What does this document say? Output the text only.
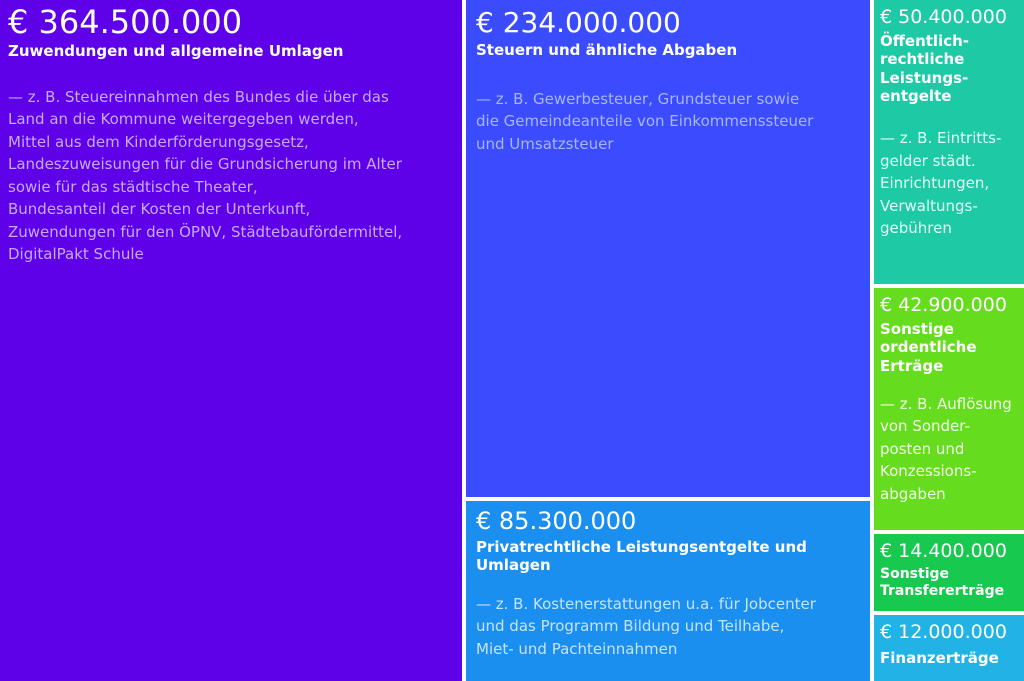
€ 364.500.000
Zuwendungen und allgemeine Umlagen
— z. B. Steuereinnahmen des Bundes die über das
Land an die Kommune weitergegeben werden,
Mittel aus dem Kinderförderungsgesetz,
Landeszuweisungen für die Grundsicherung im Alter
sowie für das städtische Theater,
Bundesanteil der Kosten der Unterkunft,
Zuwendungen für den ÖPNV, Städtebaufördermittel,
DigitalPakt Schule
€ 234.000.000
Steuern und ähnliche Abgaben
— z. B. Gewerbesteuer, Grundsteuer sowie
die Gemeindeanteile von Einkommenssteuer
und Umsatzsteuer
€ 85.300.000
Privatrechtliche Leistungsentgelte und
Umlagen
— z. B. Kostenerstattungen u.a. für Jobcenter
und das Programm Bildung und Teilhabe,
Miet- und Pachteinnahmen
€ 50.400.000
Öffentlich-
rechtliche
Leistungs-
entgelte
— z. B. Eintritts-
gelder städt.
Einrichtungen,
Verwaltungs-
gebühren
€ 42.900.000
Sonstige
ordentliche
Erträge
— z. B. Auflösung
von Sonder-
posten und
Konzessions-
abgaben
€ 14.400.000
Sonstige
Transfererträge
€ 12.000.000
Finanzerträge
